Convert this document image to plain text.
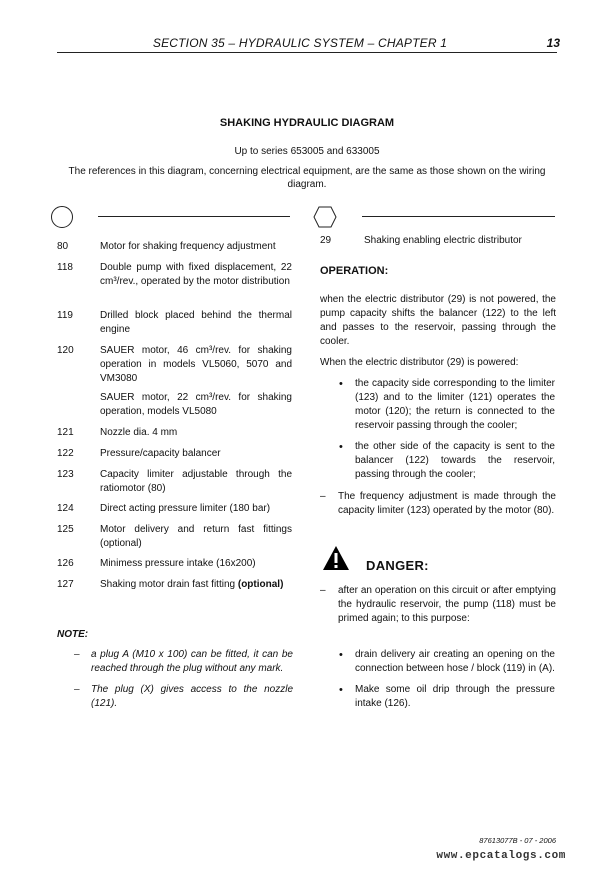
SECTION 35 – HYDRAULIC SYSTEM – CHAPTER 1	13
SHAKING HYDRAULIC DIAGRAM
Up to series 653005 and 633005
The references in this diagram, concerning electrical equipment, are the same as those shown on the wiring diagram.
80	Motor for shaking frequency adjustment
118	Double pump with fixed displacement, 22 cm³/rev., operated by the motor distribution
119	Drilled block placed behind the thermal engine
120	SAUER motor, 46 cm³/rev. for shaking operation in models VL5060, 5070 and VM3080
SAUER motor, 22 cm³/rev. for shaking operation, models VL5080
121	Nozzle dia. 4 mm
122	Pressure/capacity balancer
123	Capacity limiter adjustable through the ratiomotor (80)
124	Direct acting pressure limiter (180 bar)
125	Motor delivery and return fast fittings (optional)
126	Minimess pressure intake (16x200)
127	Shaking motor drain fast fitting (optional)
29	Shaking enabling electric distributor
OPERATION:
when the electric distributor (29) is not powered, the pump capacity shifts the balancer (122) to the left and passes to the reservoir, passing through the cooler.
When the electric distributor (29) is powered:
• the capacity side corresponding to the limiter (123) and to the limiter (121) operates the motor (120); the return is connected to the reservoir passing through the cooler;
• the other side of the capacity is sent to the balancer (122) towards the reservoir, passing through the cooler;
– The frequency adjustment is made through the capacity limiter (123) operated by the motor (80).
DANGER:
– after an operation on this circuit or after emptying the hydraulic reservoir, the pump (118) must be primed again; to this purpose:
• drain delivery air creating an opening on the connection between hose / block (119) in (A).
• Make some oil drip through the pressure intake (126).
NOTE:
– a plug A (M10 x 100) can be fitted, it can be reached through the plug without any mark.
– The plug (X) gives access to the nozzle (121).
87613077B - 07 - 2006
www.epcatalogs.com
